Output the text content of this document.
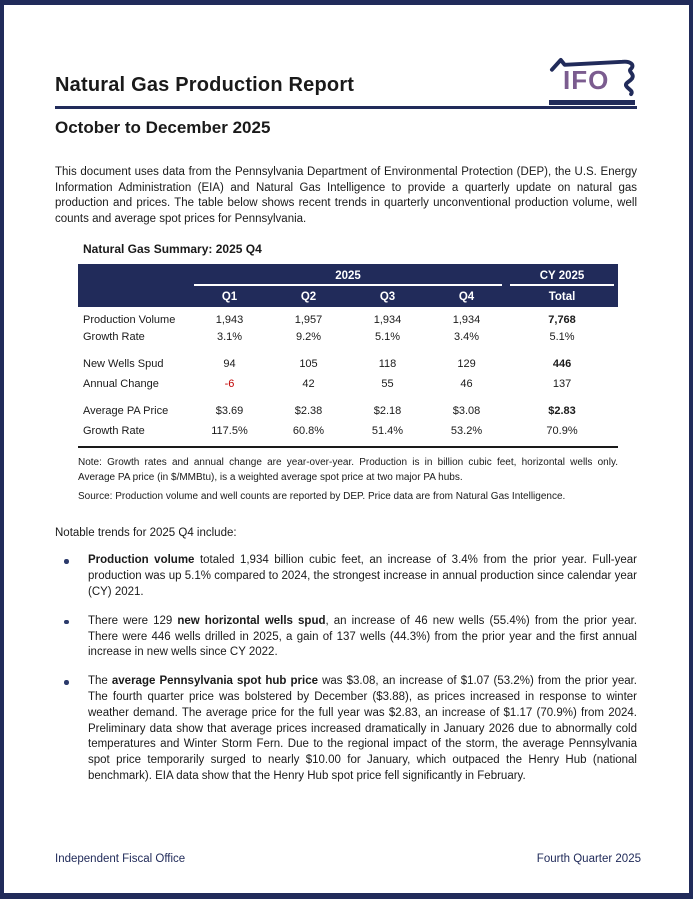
Natural Gas Production Report	IFO
October to December 2025

This document uses data from the Pennsylvania Department of Environmental Protection (DEP), the U.S. Energy Information Administration (EIA) and Natural Gas Intelligence to provide a quarterly update on natural gas production and prices. The table below shows recent trends in quarterly unconventional production volume, well counts and average spot prices for Pennsylvania.

Natural Gas Summary: 2025 Q4

	2025				CY 2025

	Q1	Q2	Q3	Q4	Total
Production Volume	1,943	1,957	1,934	1,934	7,768
Growth Rate	3.1%	9.2%	5.1%	3.4%	5.1%

New Wells Spud	94	105	118	129	446
Annual Change	-6	42	55	46	137

Average PA Price	$3.69	$2.38	$2.18	$3.08	$2.83
Growth Rate	117.5%	60.8%	51.4%	53.2%	70.9%

Note: Growth rates and annual change are year-over-year. Production is in billion cubic feet, horizontal wells only. Average PA price (in $/MMBtu), is a weighted average spot price at two major PA hubs.

Source: Production volume and well counts are reported by DEP. Price data are from Natural Gas Intelligence.

Notable trends for 2025 Q4 include:

Production volume totaled 1,934 billion cubic feet, an increase of 3.4% from the prior year. Full-year production was up 5.1% compared to 2024, the strongest increase in annual production since calendar year (CY) 2021.
There were 129 new horizontal wells spud, an increase of 46 new wells (55.4%) from the prior year. There were 446 wells drilled in 2025, a gain of 137 wells (44.3%) from the prior year and the first annual increase in new wells since CY 2022.
The average Pennsylvania spot hub price was $3.08, an increase of $1.07 (53.2%) from the prior year. The fourth quarter price was bolstered by December ($3.88), as prices increased in response to winter weather demand. The average price for the full year was $2.83, an increase of $1.17 (70.9%) from 2024. Preliminary data show that average prices increased dramatically in January 2026 due to abnormally cold temperatures and Winter Storm Fern. Due to the regional impact of the storm, the average Pennsylvania spot price temporarily surged to nearly $10.00 for January, which outpaced the Henry Hub (national benchmark). EIA data show that the Henry Hub spot price fell significantly in February.
Independent Fiscal Office	Fourth Quarter 2025
